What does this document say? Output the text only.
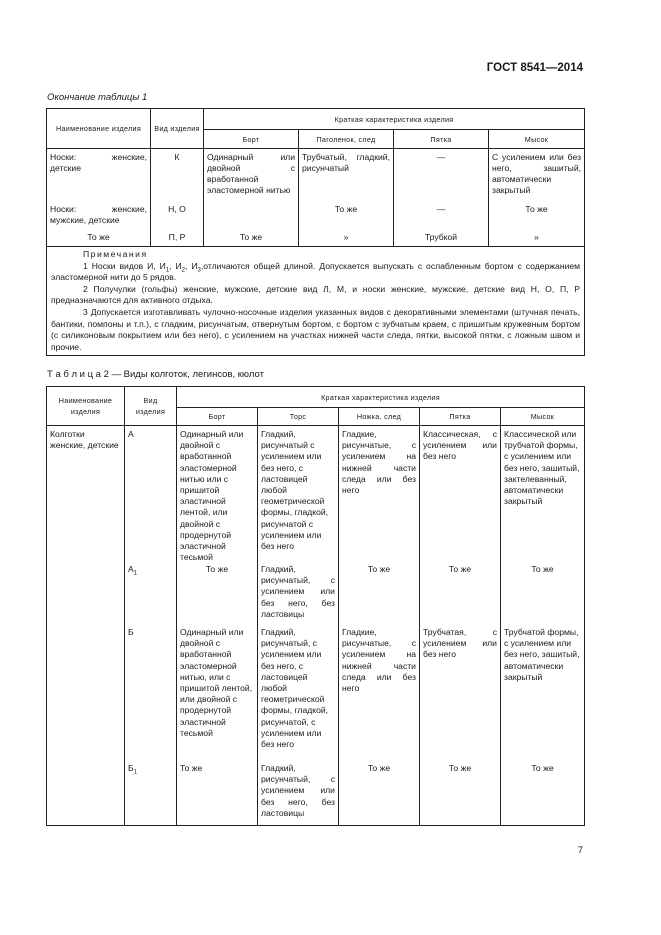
ГОСТ 8541—2014
Окончание таблицы 1
Наименование изделия	Вид изделия	Краткая характеристика изделия			
		Борт	Паголенок, след	Пятка	Мысок
Носки: женские, детские	К	Одинарный или двойной с вработанной эластомерной нитью	Трубчатый, гладкий, рисунчатый	—	С усилением или без него, зашитый, автоматически закрытый
Носки: женские, мужские, детские	Н, О		То же	—	То же
То же	П, Р	То же	»	Трубкой	»

Примечания

1 Носки видов И, $И_1$, $И_2$, $И_3,отличаются$ общей длиной. Допускается выпускать с ослабленным бортом с содержанием эластомерной нити до 5 рядов.

2 Получулки (гольфы) женские, мужские, детские вид Л, М, и носки женские, мужские, детские вид Н, О, П, Р предназначаются для активного отдыха.

3 Допускается изготавливать чулочно-носочные изделия указанных видов с декоративными элементами (штучная печать, бантики, помпоны и т.п.), с гладким, рисунчатым, отвернутым бортом, с бортом с зубчатым краем, с пришитым кружевным бортом (с силиконовым покрытием или без него), с усилением на участках нижней части следа, пятки, высокой пятки, с ложным швом и прочие.					

Т а б л и ц а 2 — Виды колготок, легинсов, кюлот
Наименование изделия	Вид изделия	Краткая характеристика изделия				
		Борт	Торс	Ножка, след	Пятка	Мысок
Колготки женские, детские	А	Одинарный или двойной с вработанной эластомерной нитью или с пришитой эластичной лентой, или двойной с продернутой эластичной тесьмой	Гладкий, рисунчатый с усилением или без него, с ластовицей любой геометрической формы, гладкой, рисунчатой с усилением или без него	Гладкие, рисунчатые, с усилением на нижней части следа или без него	Классическая, с усилением или без него	Классической или трубчатой формы, с усилением или без него, зашитый, зактелеванный, автоматически закрытый
	$А_1$	То же	Гладкий, рисунчатый, с усилением или без него, без ластовицы	То же	То же	То же
	Б	Одинарный или двойной с вработанной эластомерной нитью, или с пришитой лентой, или двойной с продернутой эластичной тесьмой	Гладкий, рисунчатый, с усилением или без него, с ластовицей любой геометрической формы, гладкой, рисунчатой, с усилением или без него	Гладкие, рисунчатые, с усилением на нижней части следа или без него	Трубчатая, с усилением или без него	Трубчатой формы, с усилением или без него, зашитый, автоматически закрытый
	$Б_1$	То же	Гладкий, рисунчатый, с усилением или без него, без ластовицы	То же	То же	То же
7
